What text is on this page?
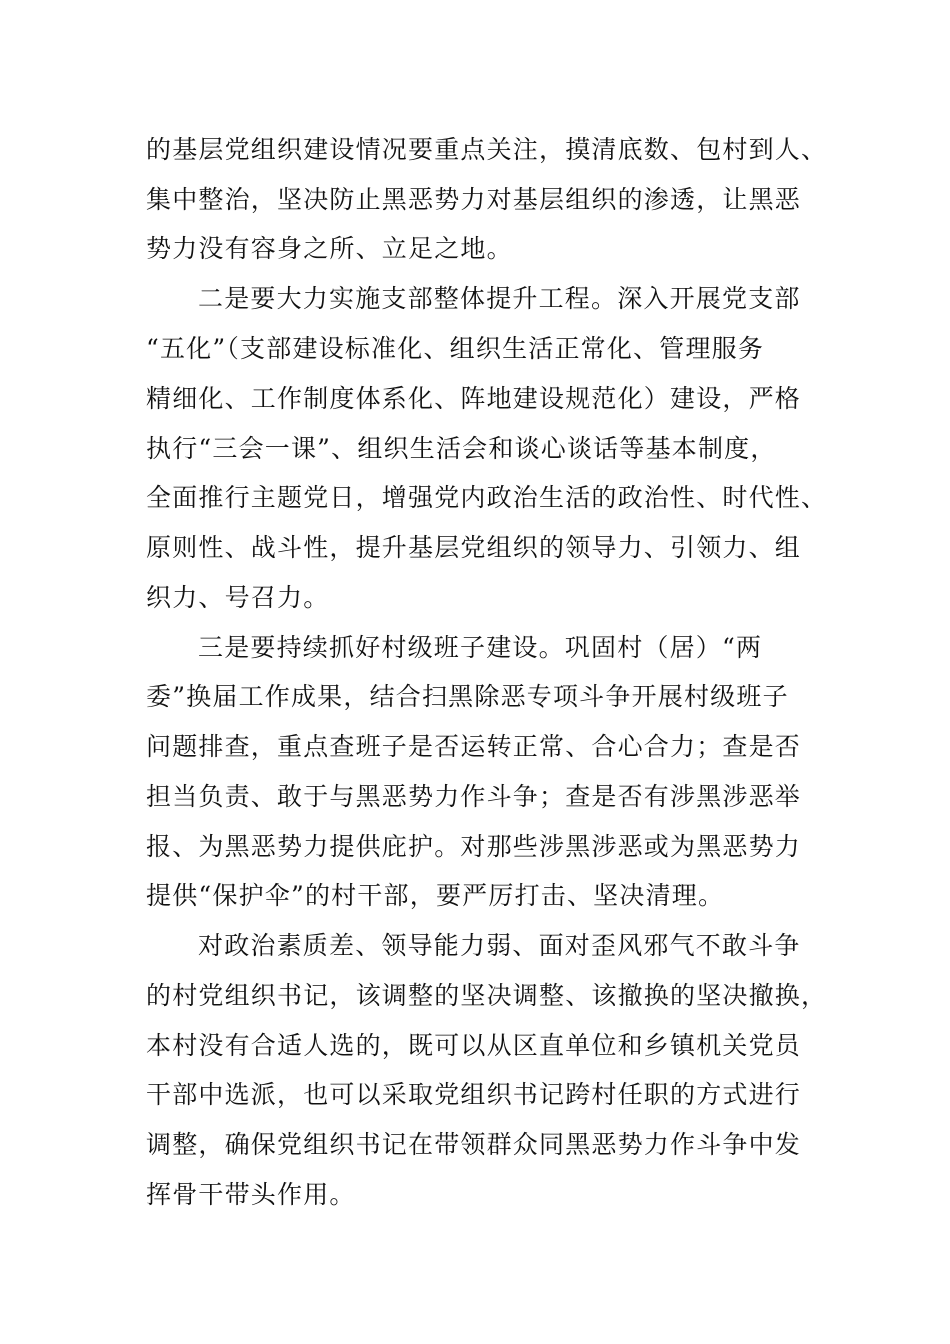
的基层党组织建设情况要重点关注，摸清底数、包村到人、
集中整治，坚决防止黑恶势力对基层组织的渗透，让黑恶
势力没有容身之所、立足之地。
二是要大力实施支部整体提升工程。深入开展党支部
“五化”（支部建设标准化、组织生活正常化、管理服务
精细化、工作制度体系化、阵地建设规范化）建设，严格
执行“三会一课”、组织生活会和谈心谈话等基本制度，
全面推行主题党日，增强党内政治生活的政治性、时代性、
原则性、战斗性，提升基层党组织的领导力、引领力、组
织力、号召力。
三是要持续抓好村级班子建设。巩固村（居）“两
委”换届工作成果，结合扫黑除恶专项斗争开展村级班子
问题排查，重点查班子是否运转正常、合心合力；查是否
担当负责、敢于与黑恶势力作斗争；查是否有涉黑涉恶举
报、为黑恶势力提供庇护。对那些涉黑涉恶或为黑恶势力
提供“保护伞”的村干部，要严厉打击、坚决清理。
对政治素质差、领导能力弱、面对歪风邪气不敢斗争
的村党组织书记，该调整的坚决调整、该撤换的坚决撤换，
本村没有合适人选的，既可以从区直单位和乡镇机关党员
干部中选派，也可以采取党组织书记跨村任职的方式进行
调整，确保党组织书记在带领群众同黑恶势力作斗争中发
挥骨干带头作用。
